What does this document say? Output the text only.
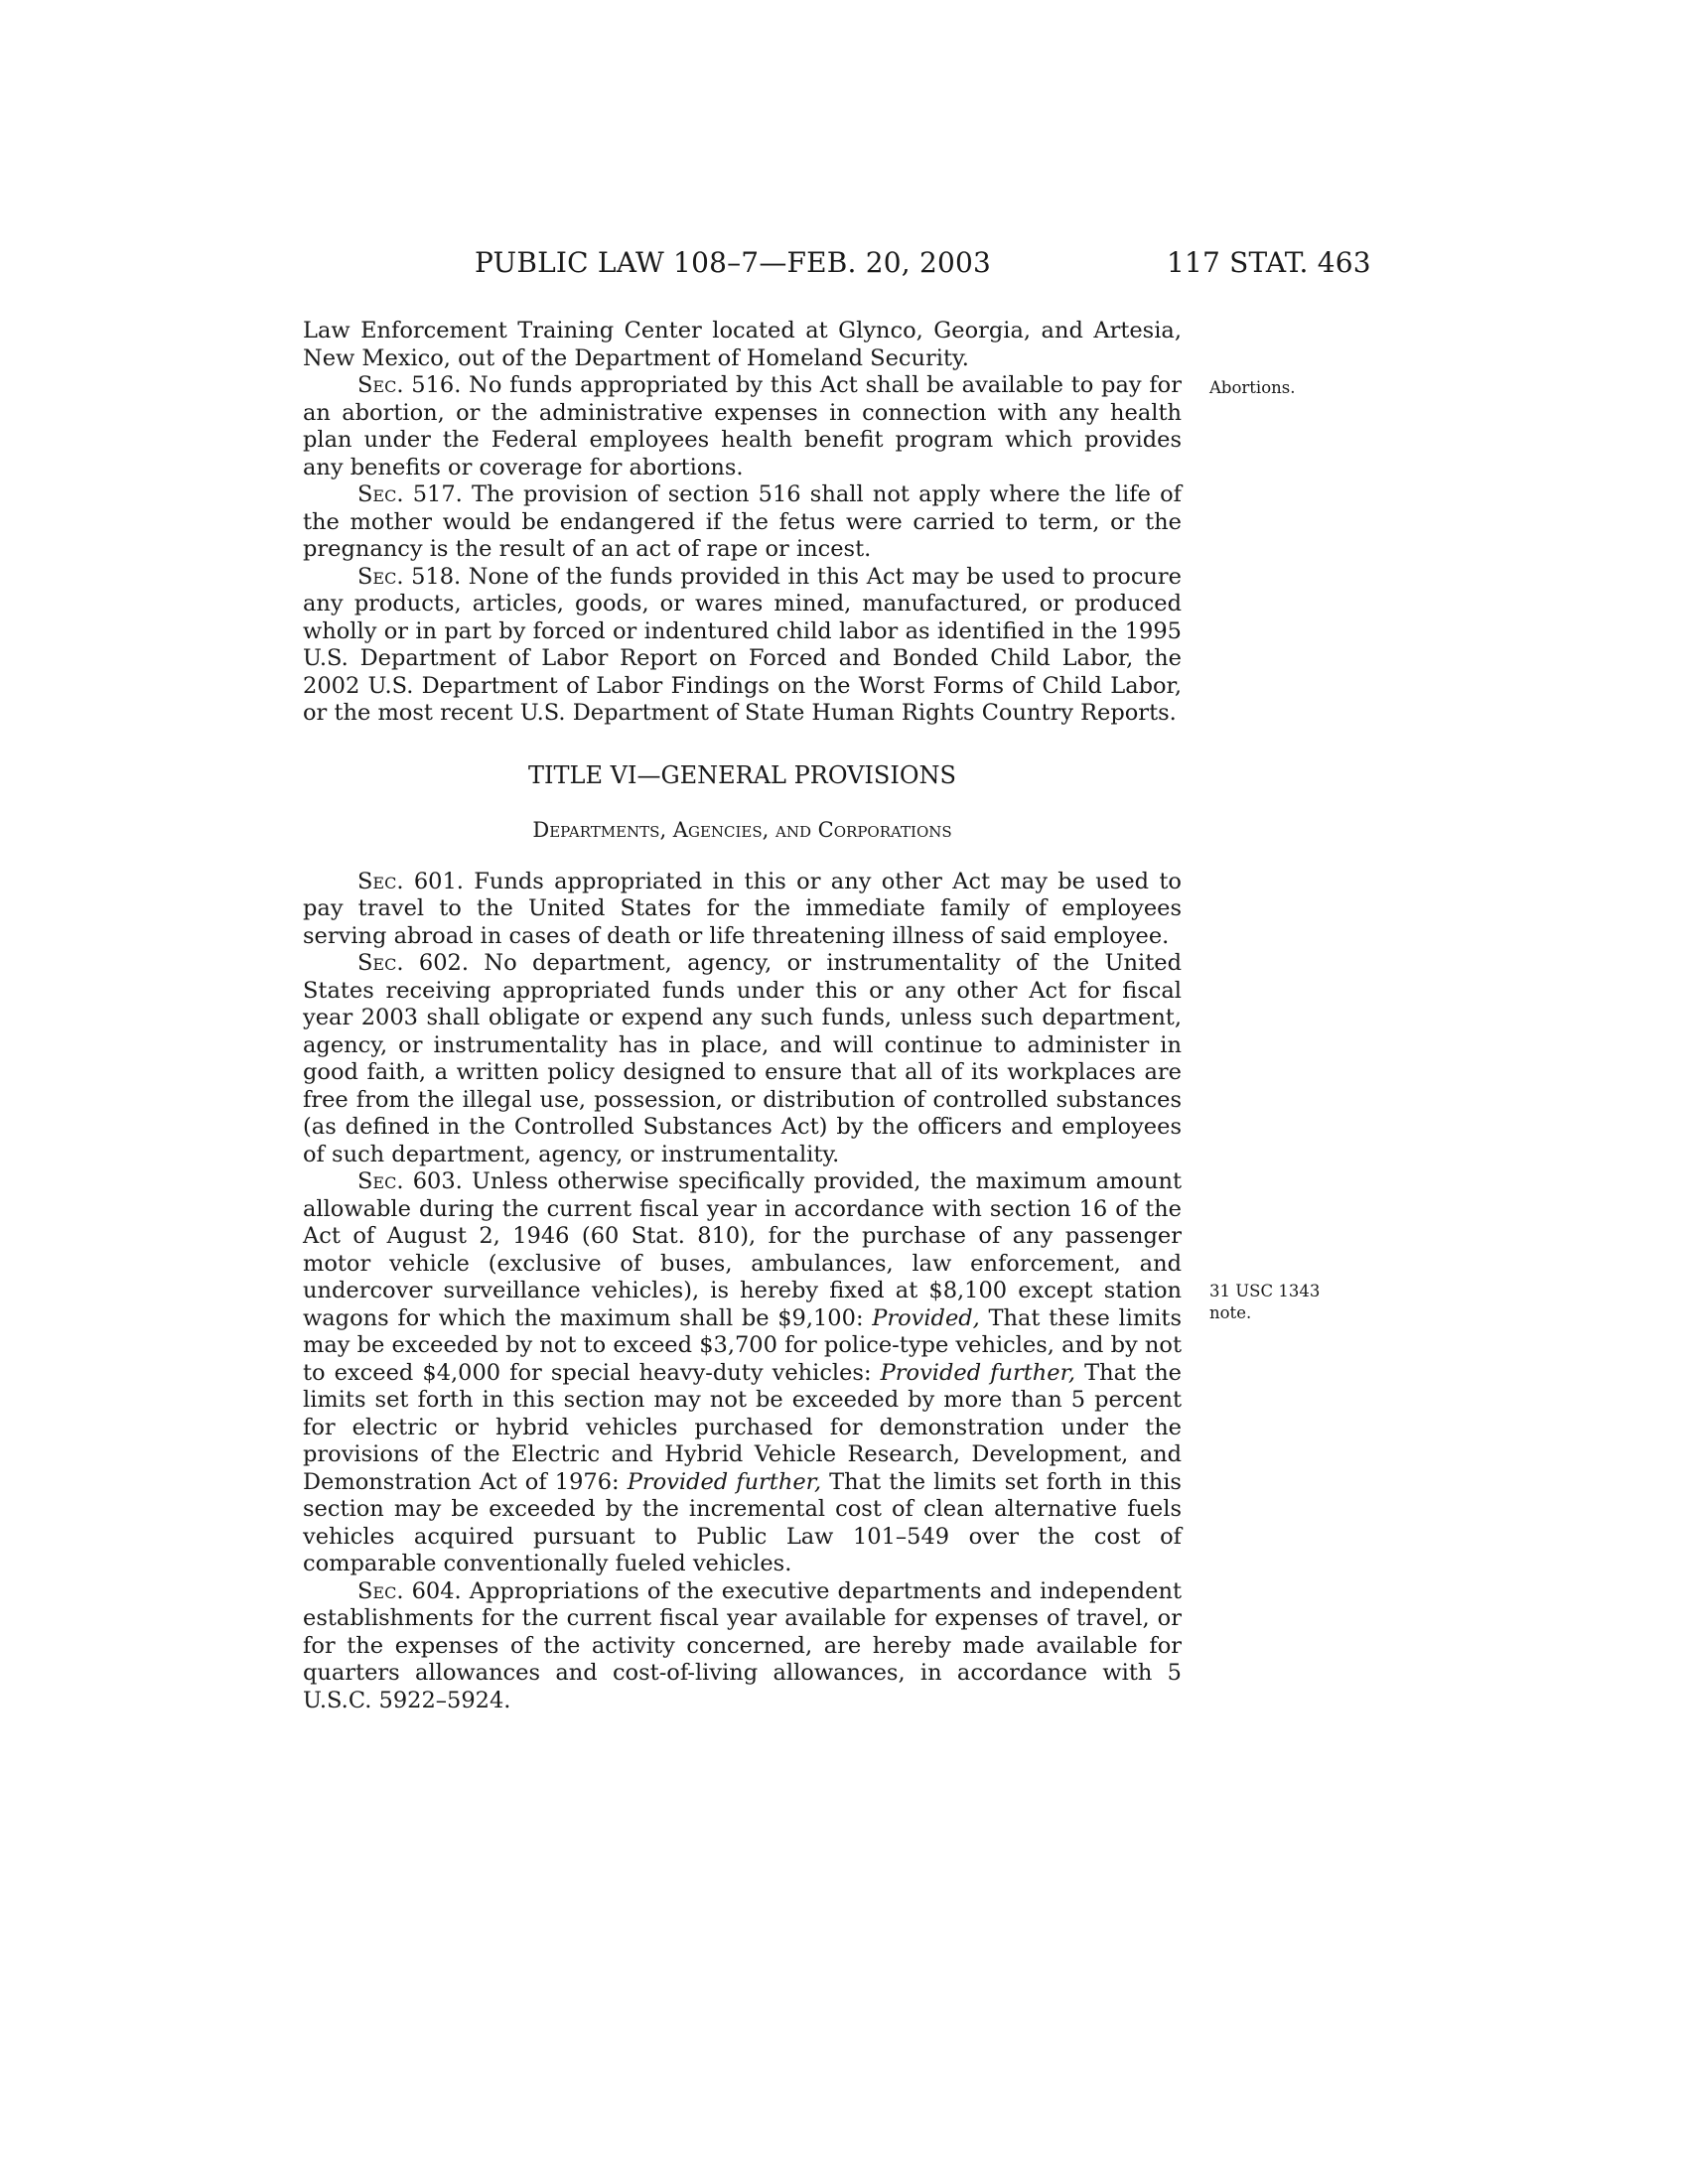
PUBLIC LAW 108–7—FEB. 20, 2003	117 STAT. 463

Law Enforcement Training Center located at Glynco, Georgia, and Artesia, New Mexico, out of the Department of Homeland Security.

Sec. 516. No funds appropriated by this Act shall be available to pay for an abortion, or the administrative expenses in connection with any health plan under the Federal employees health benefit program which provides any benefits or coverage for abortions.

Sec. 517. The provision of section 516 shall not apply where the life of the mother would be endangered if the fetus were carried to term, or the pregnancy is the result of an act of rape or incest.

Sec. 518. None of the funds provided in this Act may be used to procure any products, articles, goods, or wares mined, manufactured, or produced wholly or in part by forced or indentured child labor as identified in the 1995 U.S. Department of Labor Report on Forced and Bonded Child Labor, the 2002 U.S. Department of Labor Findings on the Worst Forms of Child Labor, or the most recent U.S. Department of State Human Rights Country Reports.

TITLE VI—GENERAL PROVISIONS
Departments, Agencies, and Corporations

Sec. 601. Funds appropriated in this or any other Act may be used to pay travel to the United States for the immediate family of employees serving abroad in cases of death or life threatening illness of said employee.

Sec. 602. No department, agency, or instrumentality of the United States receiving appropriated funds under this or any other Act for fiscal year 2003 shall obligate or expend any such funds, unless such department, agency, or instrumentality has in place, and will continue to administer in good faith, a written policy designed to ensure that all of its workplaces are free from the illegal use, possession, or distribution of controlled substances (as defined in the Controlled Substances Act) by the officers and employees of such department, agency, or instrumentality.

Sec. 603. Unless otherwise specifically provided, the maximum amount allowable during the current fiscal year in accordance with section 16 of the Act of August 2, 1946 (60 Stat. 810), for the purchase of any passenger motor vehicle (exclusive of buses, ambulances, law enforcement, and undercover surveillance vehicles), is hereby fixed at $8,100 except station wagons for which the maximum shall be $9,100: Provided, That these limits may be exceeded by not to exceed $3,700 for police-type vehicles, and by not to exceed $4,000 for special heavy-duty vehicles: Provided further, That the limits set forth in this section may not be exceeded by more than 5 percent for electric or hybrid vehicles purchased for demonstration under the provisions of the Electric and Hybrid Vehicle Research, Development, and Demonstration Act of 1976: Provided further, That the limits set forth in this section may be exceeded by the incremental cost of clean alternative fuels vehicles acquired pursuant to Public Law 101–549 over the cost of comparable conventionally fueled vehicles.

Sec. 604. Appropriations of the executive departments and independent establishments for the current fiscal year available for expenses of travel, or for the expenses of the activity concerned, are hereby made available for quarters allowances and cost-of-living allowances, in accordance with 5 U.S.C. 5922–5924.

Abortions.
31 USC 1343
note.
